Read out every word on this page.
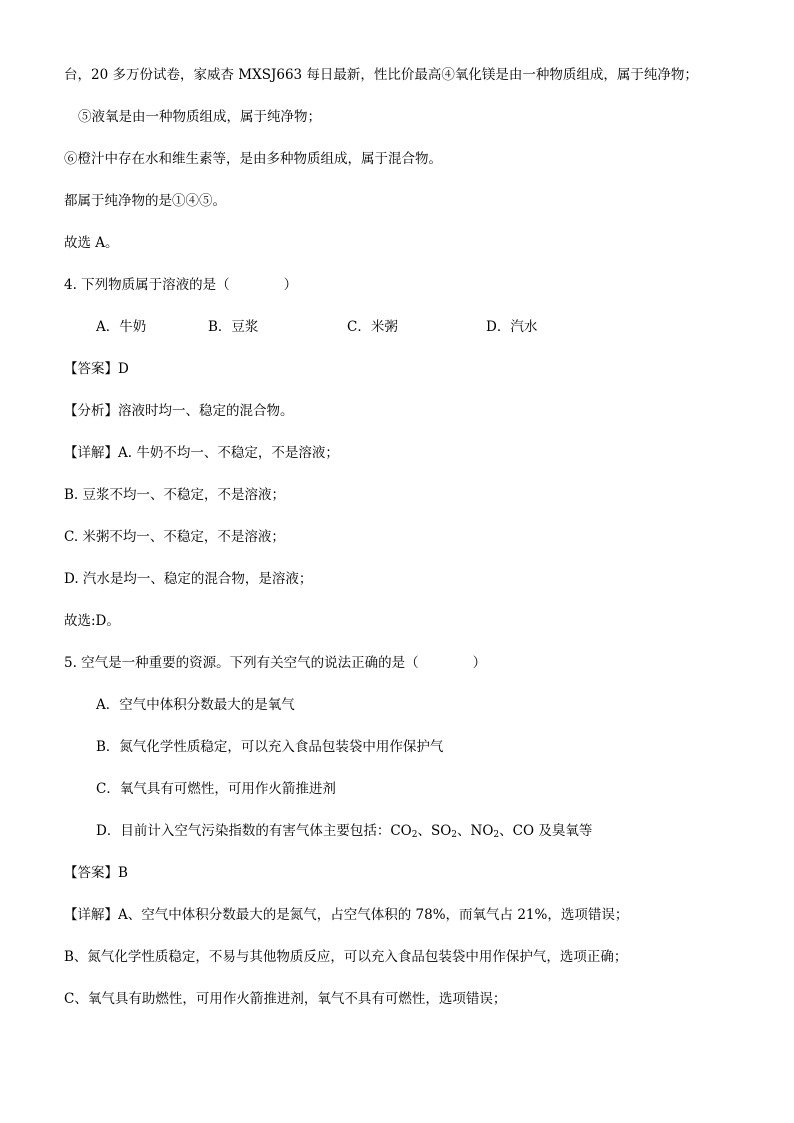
台，20 多万份试卷，家威杏 MXSJ663 每日最新，性比价最高④氧化镁是由一种物质组成，属于纯净物；
⑤液氧是由一种物质组成，属于纯净物；
⑥橙汁中存在水和维生素等，是由多种物质组成，属于混合物。
都属于纯净物的是①④⑤。
故选 A。
4. 下列物质属于溶液的是（　　　　）
A．牛奶	B．豆浆	C．米粥	D．汽水
【答案】D
【分析】溶液时均一、稳定的混合物。
【详解】A. 牛奶不均一、不稳定，不是溶液；
B. 豆浆不均一、不稳定，不是溶液；
C. 米粥不均一、不稳定，不是溶液；
D. 汽水是均一、稳定的混合物，是溶液；
故选:D。
5. 空气是一种重要的资源。下列有关空气的说法正确的是（　　　　）
A．空气中体积分数最大的是氧气
B．氮气化学性质稳定，可以充入食品包装袋中用作保护气
C．氧气具有可燃性，可用作火箭推进剂
D．目前计入空气污染指数的有害气体主要包括：$CO_2$、$SO_2$、$NO_2$、CO 及臭氧等
【答案】B
【详解】A、空气中体积分数最大的是氮气，占空气体积的 78%，而氧气占 21%，选项错误；
B、氮气化学性质稳定，不易与其他物质反应，可以充入食品包装袋中用作保护气，选项正确；
C、氧气具有助燃性，可用作火箭推进剂，氧气不具有可燃性，选项错误；
